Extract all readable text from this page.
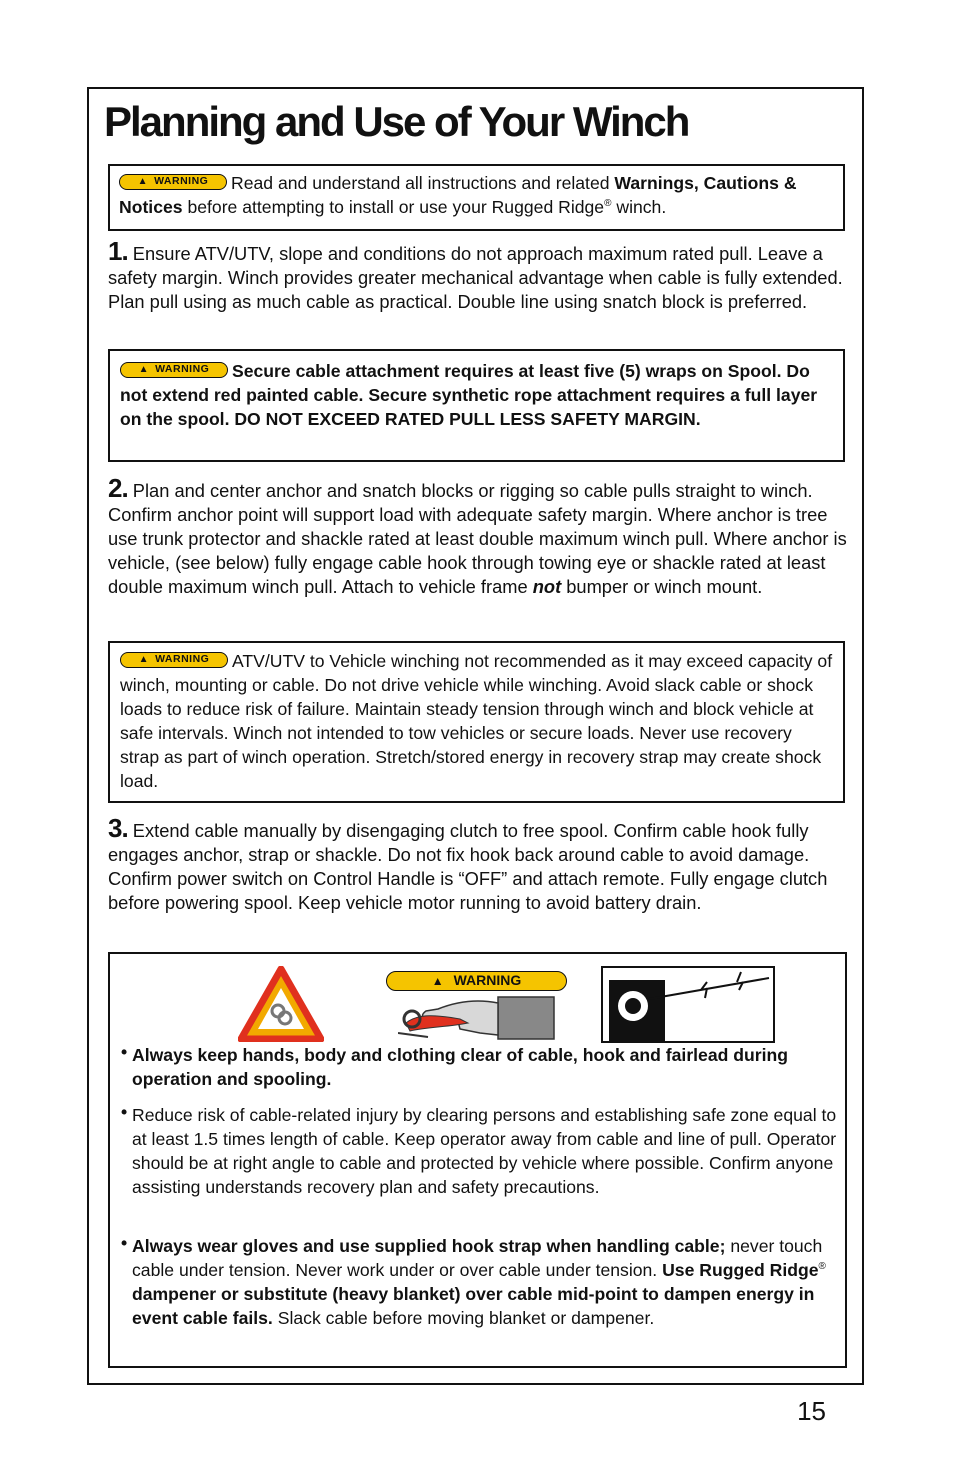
Planning and Use of Your Winch

▲ WARNING Read and understand all instructions and related Warnings, Cautions & Notices before attempting to install or use your Rugged Ridge® winch.

1. Ensure ATV/UTV, slope and conditions do not approach maximum rated pull. Leave a safety margin. Winch provides greater mechanical advantage when cable is fully extended. Plan pull using as much cable as practical. Double line using snatch block is preferred.

▲ WARNING Secure cable attachment requires at least five (5) wraps on Spool. Do not extend red painted cable. Secure synthetic rope attachment requires a full layer on the spool. DO NOT EXCEED RATED PULL LESS SAFETY MARGIN.

2. Plan and center anchor and snatch blocks or rigging so cable pulls straight to winch. Confirm anchor point will support load with adequate safety margin. Where anchor is tree use trunk protector and shackle rated at least double maximum winch pull. Where anchor is vehicle, (see below) fully engage cable hook through towing eye or shackle rated at least double maximum winch pull. Attach to vehicle frame not bumper or winch mount.

▲ WARNING ATV/UTV to Vehicle winching not recommended as it may exceed capacity of winch, mounting or cable. Do not drive vehicle while winching. Avoid slack cable or shock loads to reduce risk of failure. Maintain steady tension through winch and block vehicle at safe intervals. Winch not intended to tow vehicles or secure loads. Never use recovery strap as part of winch operation. Stretch/stored energy in recovery strap may create shock load.

3. Extend cable manually by disengaging clutch to free spool. Confirm cable hook fully engages anchor, strap or shackle. Do not fix hook back around cable to avoid damage. Confirm power switch on Control Handle is “OFF” and attach remote. Fully engage clutch before powering spool. Keep vehicle motor running to avoid battery drain.

▲ WARNING

• Always keep hands, body and clothing clear of cable, hook and fairlead during operation and spooling.

• Reduce risk of cable-related injury by clearing persons and establishing safe zone equal to at least 1.5 times length of cable. Keep operator away from cable and line of pull. Operator should be at right angle to cable and protected by vehicle where possible. Confirm anyone assisting understands recovery plan and safety precautions.

• Always wear gloves and use supplied hook strap when handling cable; never touch cable under tension. Never work under or over cable under tension. Use Rugged Ridge® dampener or substitute (heavy blanket) over cable mid-point to dampen energy in event cable fails. Slack cable before moving blanket or dampener.

15
